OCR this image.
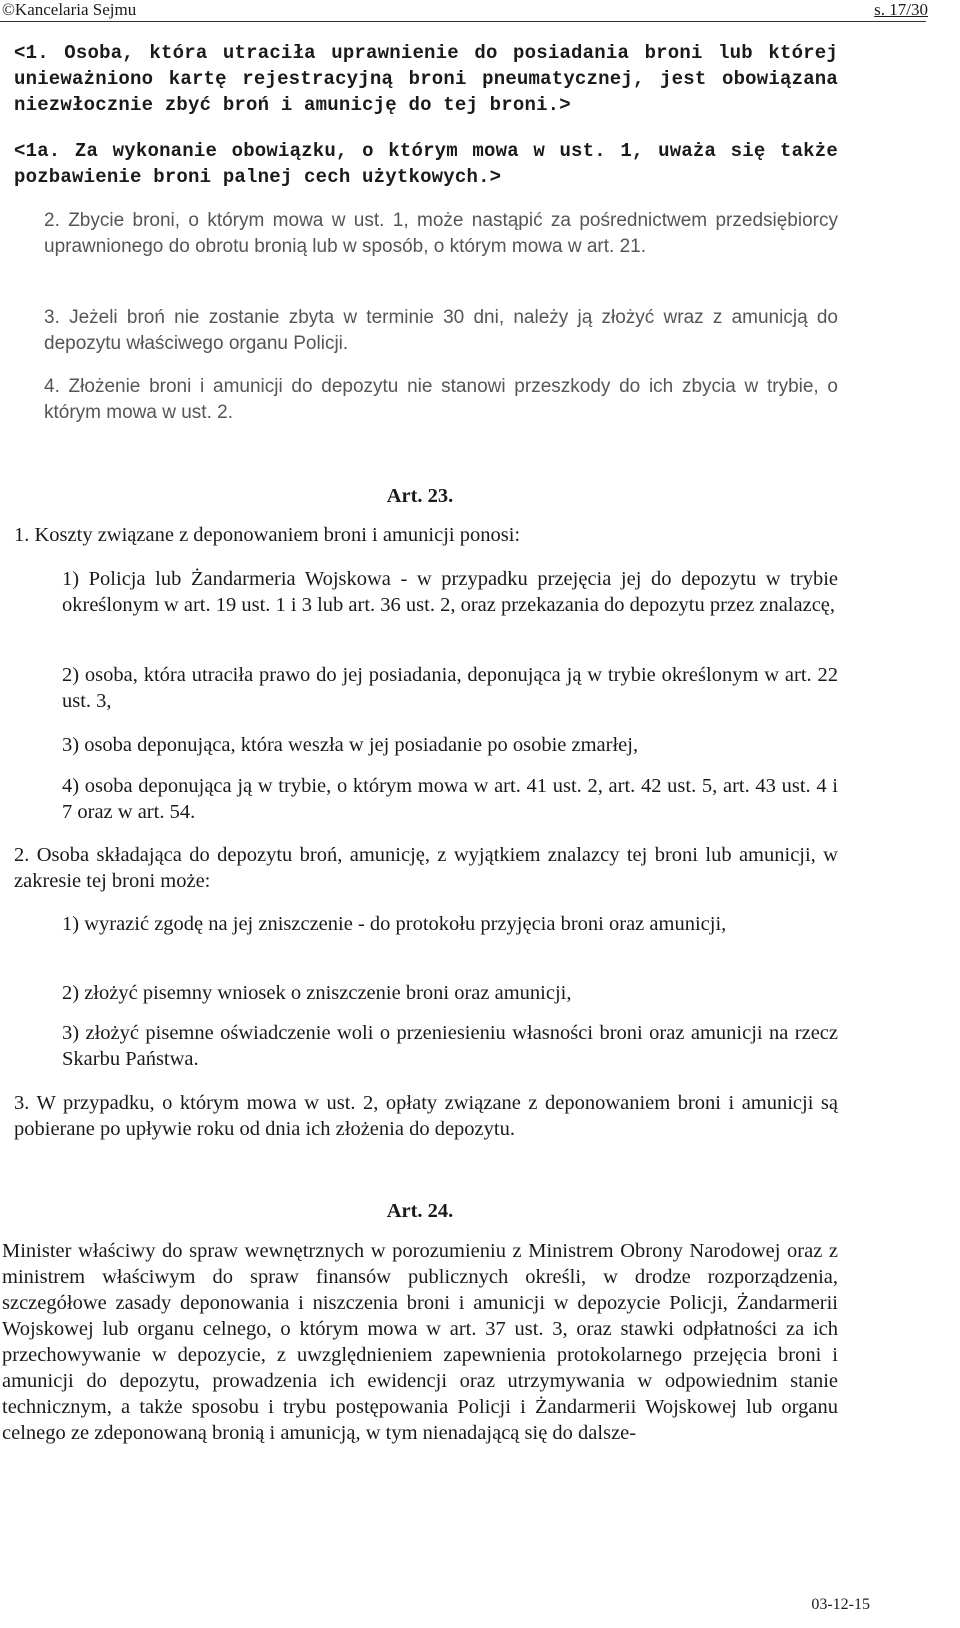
©Kancelaria Sejmu	s. 17/30

<1. Osoba, która utraciła uprawnienie do posiadania broni lub której unieważniono kartę rejestracyjną broni pneumatycznej, jest obowiązana niezwłocznie zbyć broń i amunicję do tej broni.>

<1a. Za wykonanie obowiązku, o którym mowa w ust. 1, uważa się także pozbawienie broni palnej cech użytkowych.>

2. Zbycie broni, o którym mowa w ust. 1, może nastąpić za pośrednictwem przedsiębiorcy uprawnionego do obrotu bronią lub w sposób, o którym mowa w art. 21.

3. Jeżeli broń nie zostanie zbyta w terminie 30 dni, należy ją złożyć wraz z amunicją do depozytu właściwego organu Policji.

4. Złożenie broni i amunicji do depozytu nie stanowi przeszkody do ich zbycia w trybie, o którym mowa w ust. 2.

Art. 23.

1. Koszty związane z deponowaniem broni i amunicji ponosi:

1) Policja lub Żandarmeria Wojskowa - w przypadku przejęcia jej do depozytu w trybie określonym w art. 19 ust. 1 i 3 lub art. 36 ust. 2, oraz przekazania do depozytu przez znalazcę,

2) osoba, która utraciła prawo do jej posiadania, deponująca ją w trybie określonym w art. 22 ust. 3,

3) osoba deponująca, która weszła w jej posiadanie po osobie zmarłej,

4) osoba deponująca ją w trybie, o którym mowa w art. 41 ust. 2, art. 42 ust. 5, art. 43 ust. 4 i 7 oraz w art. 54.

2. Osoba składająca do depozytu broń, amunicję, z wyjątkiem znalazcy tej broni lub amunicji, w zakresie tej broni może:

1) wyrazić zgodę na jej zniszczenie - do protokołu przyjęcia broni oraz amunicji,

2) złożyć pisemny wniosek o zniszczenie broni oraz amunicji,

3) złożyć pisemne oświadczenie woli o przeniesieniu własności broni oraz amunicji na rzecz Skarbu Państwa.

3. W przypadku, o którym mowa w ust. 2, opłaty związane z deponowaniem broni i amunicji są pobierane po upływie roku od dnia ich złożenia do depozytu.

Art. 24.

Minister właściwy do spraw wewnętrznych w porozumieniu z Ministrem Obrony Narodowej oraz z ministrem właściwym do spraw finansów publicznych określi, w drodze rozporządzenia, szczegółowe zasady deponowania i niszczenia broni i amunicji w depozycie Policji, Żandarmerii Wojskowej lub organu celnego, o którym mowa w art. 37 ust. 3, oraz stawki odpłatności za ich przechowywanie w depozycie, z uwzględnieniem zapewnienia protokolarnego przejęcia broni i amunicji do depozytu, prowadzenia ich ewidencji oraz utrzymywania w odpowiednim stanie technicznym, a także sposobu i trybu postępowania Policji i Żandarmerii Wojskowej lub organu celnego ze zdeponowaną bronią i amunicją, w tym nienadającą się do dalsze-

03-12-15
